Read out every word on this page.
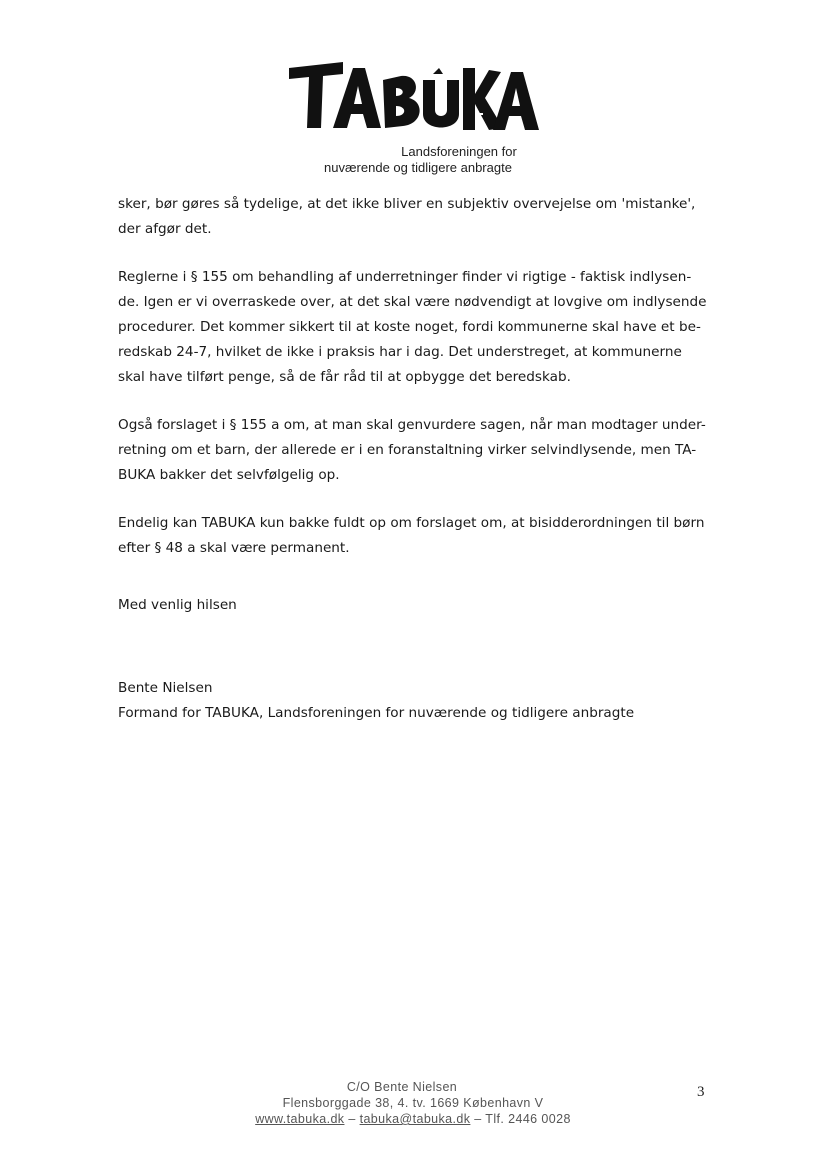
Landsforeningen for

nuværende og tidligere anbragte

sker, bør gøres så tydelige, at det ikke bliver en subjektiv overvejelse om 'mistanke',
der afgør det.

Reglerne i § 155 om behandling af underretninger finder vi rigtige - faktisk indlysen-
de. Igen er vi overraskede over, at det skal være nødvendigt at lovgive om indlysende
procedurer. Det kommer sikkert til at koste noget, fordi kommunerne skal have et be-
redskab 24-7, hvilket de ikke i praksis har i dag. Det understreget, at kommunerne
skal have tilført penge, så de får råd til at opbygge det beredskab.

Også forslaget i § 155 a om, at man skal genvurdere sagen, når man modtager under-
retning om et barn, der allerede er i en foranstaltning virker selvindlysende, men TA-
BUKA bakker det selvfølgelig op.

Endelig kan TABUKA kun bakke fuldt op om forslaget om, at bisidderordningen til børn
efter § 48 a skal være permanent.

Med venlig hilsen

Bente Nielsen
Formand for TABUKA, Landsforeningen for nuværende og tidligere anbragte

C/O Bente Nielsen
Flensborggade 38, 4. tv. 1669 København V
www.tabuka.dk – tabuka@tabuka.dk – Tlf. 2446 0028
3
